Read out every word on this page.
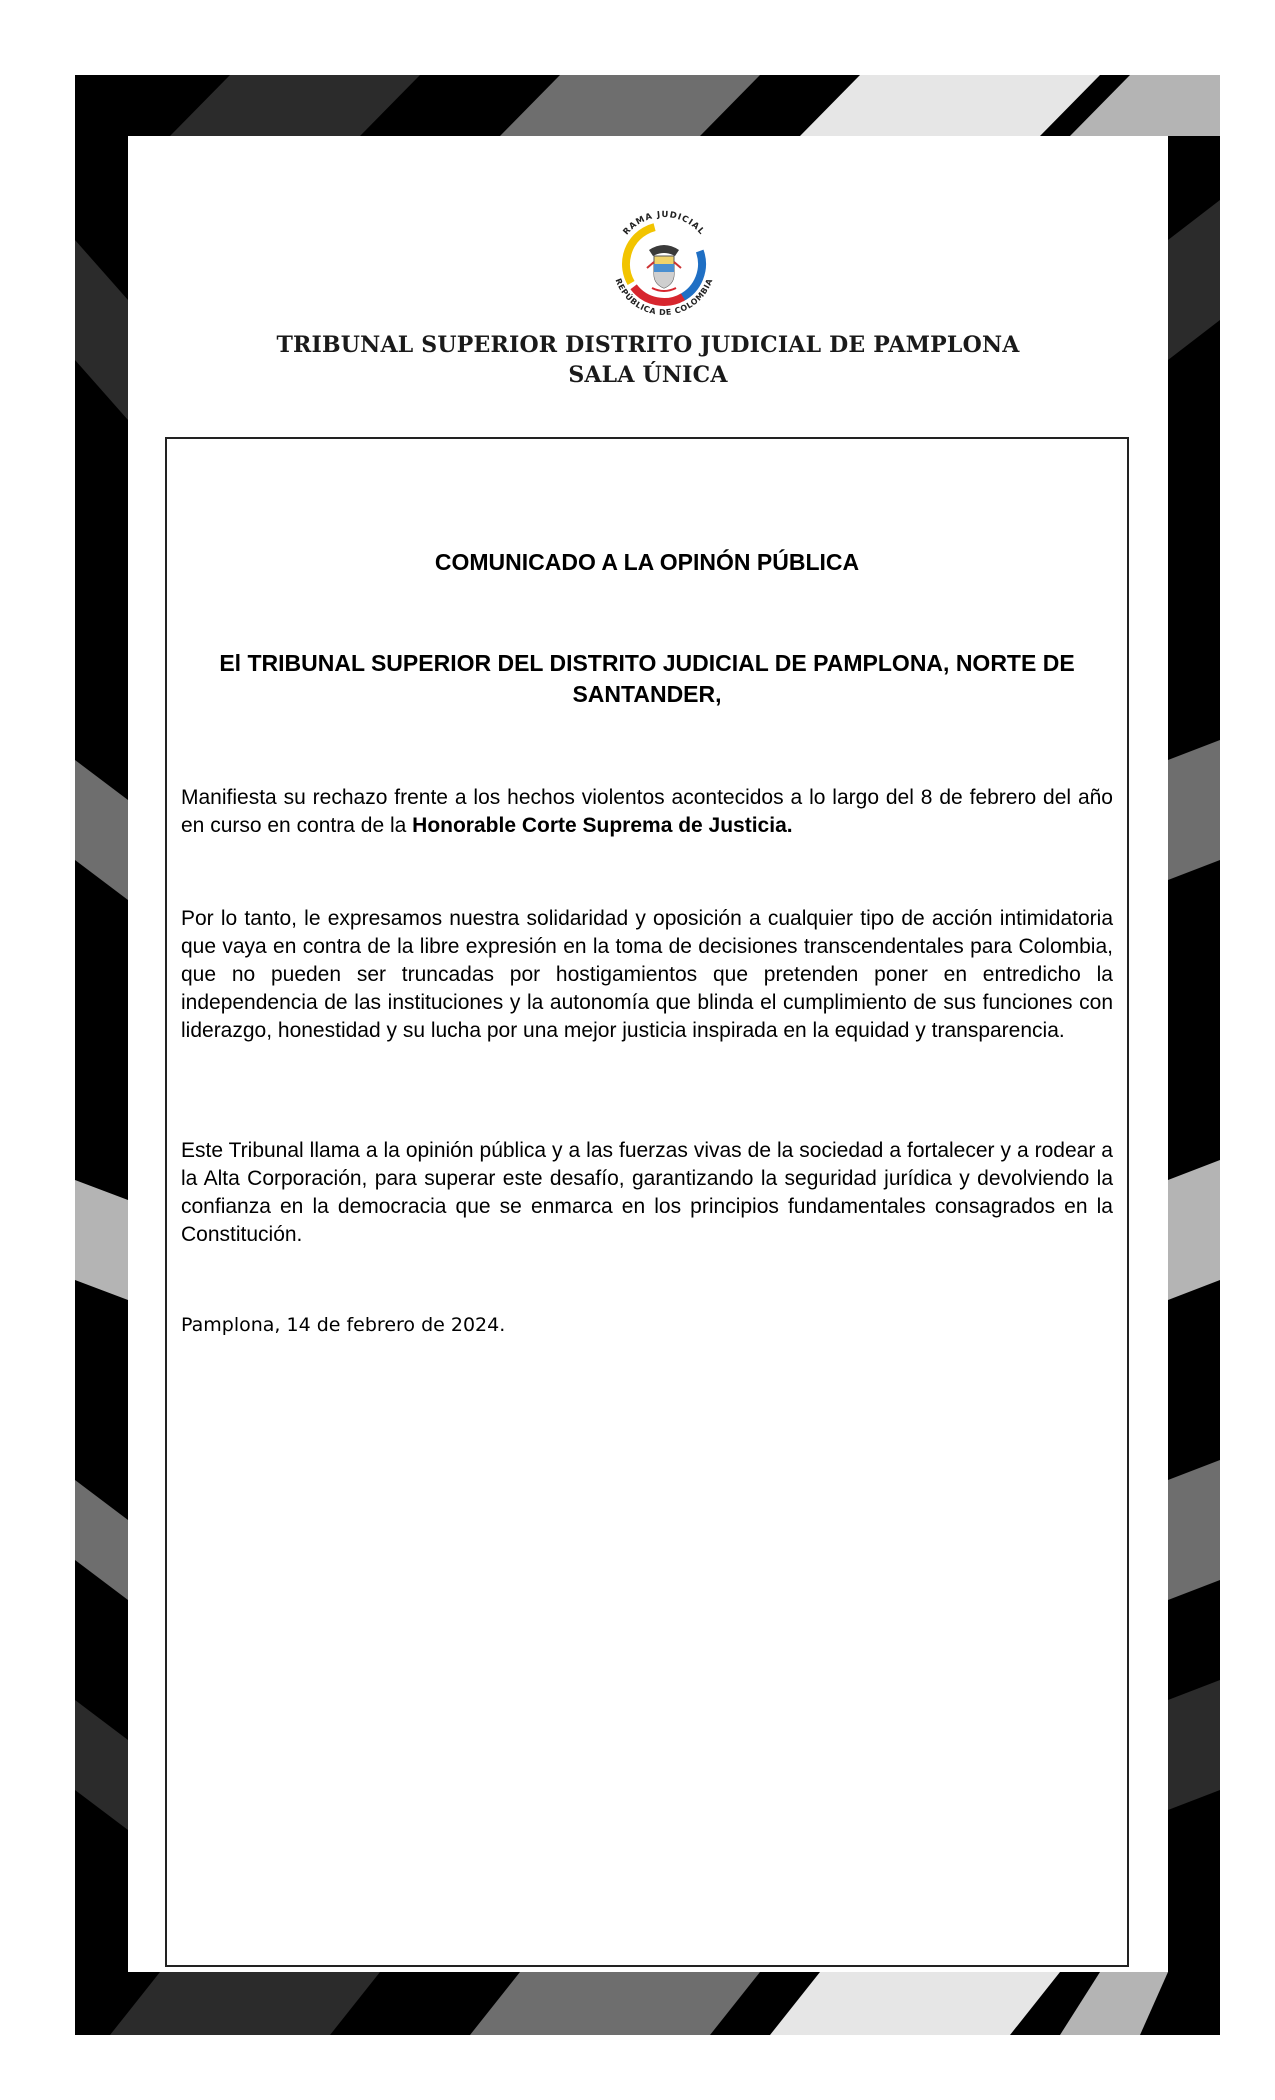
RAMA JUDICIAL
REPÚBLICA DE COLOMBIA
TRIBUNAL SUPERIOR DISTRITO JUDICIAL DE PAMPLONA
SALA ÚNICA
COMUNICADO A LA OPINÓN PÚBLICA
El TRIBUNAL SUPERIOR DEL DISTRITO JUDICIAL DE PAMPLONA, NORTE DE SANTANDER,

Manifiesta su rechazo frente a los hechos violentos acontecidos a lo largo del 8 de febrero del año en curso en contra de la Honorable Corte Suprema de Justicia.

Por lo tanto, le expresamos nuestra solidaridad y oposición a cualquier tipo de acción intimidatoria que vaya en contra de la libre expresión en la toma de decisiones transcendentales para Colombia, que no pueden ser truncadas por hostigamientos que pretenden poner en entredicho la independencia de las instituciones y la autonomía que blinda el cumplimiento de sus funciones con liderazgo, honestidad y su lucha por una mejor justicia inspirada en la equidad y transparencia.

Este Tribunal llama a la opinión pública y a las fuerzas vivas de la sociedad a fortalecer y a rodear a la Alta Corporación, para superar este desafío, garantizando la seguridad jurídica y devolviendo la confianza en la democracia que se enmarca en los principios fundamentales consagrados en la Constitución.

Pamplona, 14 de febrero de 2024.
